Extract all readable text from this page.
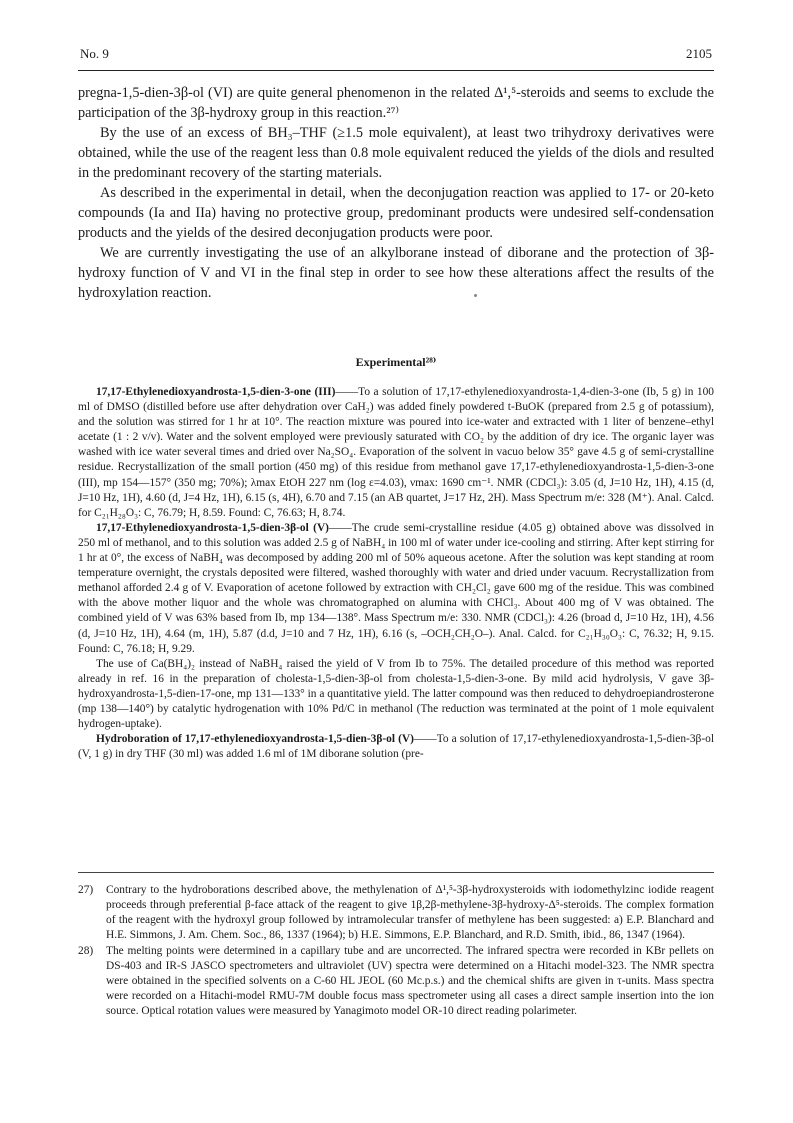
No. 9	2105

pregna-1,5-dien-3β-ol (VI) are quite general phenomenon in the related Δ¹,⁵-steroids and seems to exclude the participation of the 3β-hydroxy group in this reaction.²⁷⁾

By the use of an excess of BH₃–THF (≥1.5 mole equivalent), at least two trihydroxy derivatives were obtained, while the use of the reagent less than 0.8 mole equivalent reduced the yields of the diols and resulted in the predominant recovery of the starting materials.

As described in the experimental in detail, when the deconjugation reaction was applied to 17- or 20-keto compounds (Ia and IIa) having no protective group, predominant products were undesired self-condensation products and the yields of the desired deconjugation products were poor.

We are currently investigating the use of an alkylborane instead of diborane and the protection of 3β-hydroxy function of V and VI in the final step in order to see how these alterations affect the results of the hydroxylation reaction.

Experimental²⁸⁾

17,17-Ethylenedioxyandrosta-1,5-dien-3-one (III)——To a solution of 17,17-ethylenedioxyandrosta-1,4-dien-3-one (Ib, 5 g) in 100 ml of DMSO (distilled before use after dehydration over CaH₂) was added finely powdered t-BuOK (prepared from 2.5 g of potassium), and the solution was stirred for 1 hr at 10°. The reaction mixture was poured into ice-water and extracted with 1 liter of benzene–ethyl acetate (1 : 2 v/v). Water and the solvent employed were previously saturated with CO₂ by the addition of dry ice. The organic layer was washed with ice water several times and dried over Na₂SO₄. Evaporation of the solvent in vacuo below 35° gave 4.5 g of semi-crystalline residue. Recrystallization of the small portion (450 mg) of this residue from methanol gave 17,17-ethylenedioxyandrosta-1,5-dien-3-one (III), mp 154—157° (350 mg; 70%); λmax EtOH 227 nm (log ε=4.03), νmax: 1690 cm⁻¹. NMR (CDCl₃): 3.05 (d, J=10 Hz, 1H), 4.15 (d, J=10 Hz, 1H), 4.60 (d, J=4 Hz, 1H), 6.15 (s, 4H), 6.70 and 7.15 (an AB quartet, J=17 Hz, 2H). Mass Spectrum m/e: 328 (M⁺). Anal. Calcd. for C₂₁H₂₈O₃: C, 76.79; H, 8.59. Found: C, 76.63; H, 8.74.

17,17-Ethylenedioxyandrosta-1,5-dien-3β-ol (V)——The crude semi-crystalline residue (4.05 g) obtained above was dissolved in 250 ml of methanol, and to this solution was added 2.5 g of NaBH₄ in 100 ml of water under ice-cooling and stirring. After kept stirring for 1 hr at 0°, the excess of NaBH₄ was decomposed by adding 200 ml of 50% aqueous acetone. After the solution was kept standing at room temperature overnight, the crystals deposited were filtered, washed thoroughly with water and dried under vacuum. Recrystallization from methanol afforded 2.4 g of V. Evaporation of acetone followed by extraction with CH₂Cl₂ gave 600 mg of the residue. This was combined with the above mother liquor and the whole was chromatographed on alumina with CHCl₃. About 400 mg of V was obtained. The combined yield of V was 63% based from Ib, mp 134—138°. Mass Spectrum m/e: 330. NMR (CDCl₃): 4.26 (broad d, J=10 Hz, 1H), 4.56 (d, J=10 Hz, 1H), 4.64 (m, 1H), 5.87 (d.d, J=10 and 7 Hz, 1H), 6.16 (s, –OCH₂CH₂O–). Anal. Calcd. for C₂₁H₃₀O₃: C, 76.32; H, 9.15. Found: C, 76.18; H, 9.29.

The use of Ca(BH₄)₂ instead of NaBH₄ raised the yield of V from Ib to 75%. The detailed procedure of this method was reported already in ref. 16 in the preparation of cholesta-1,5-dien-3β-ol from cholesta-1,5-dien-3-one. By mild acid hydrolysis, V gave 3β-hydroxyandrosta-1,5-dien-17-one, mp 131—133° in a quantitative yield. The latter compound was then reduced to dehydroepiandrosterone (mp 138—140°) by catalytic hydrogenation with 10% Pd/C in methanol (The reduction was terminated at the point of 1 mole equivalent hydrogen-uptake).

Hydroboration of 17,17-ethylenedioxyandrosta-1,5-dien-3β-ol (V)——To a solution of 17,17-ethylenedioxyandrosta-1,5-dien-3β-ol (V, 1 g) in dry THF (30 ml) was added 1.6 ml of 1M diborane solution (pre-

27) Contrary to the hydroborations described above, the methylenation of Δ¹,⁵-3β-hydroxysteroids with iodomethylzinc iodide reagent proceeds through preferential β-face attack of the reagent to give 1β,2β-methylene-3β-hydroxy-Δ⁵-steroids. The complex formation of the reagent with the hydroxyl group followed by intramolecular transfer of methylene has been suggested: a) E.P. Blanchard and H.E. Simmons, J. Am. Chem. Soc., 86, 1337 (1964); b) H.E. Simmons, E.P. Blanchard, and R.D. Smith, ibid., 86, 1347 (1964).
28) The melting points were determined in a capillary tube and are uncorrected. The infrared spectra were recorded in KBr pellets on DS-403 and IR-S JASCO spectrometers and ultraviolet (UV) spectra were determined on a Hitachi model-323. The NMR spectra were obtained in the specified solvents on a C-60 HL JEOL (60 Mc.p.s.) and the chemical shifts are given in τ-units. Mass spectra were recorded on a Hitachi-model RMU-7M double focus mass spectrometer using all cases a direct sample insertion into the ion source. Optical rotation values were measured by Yanagimoto model OR-10 direct reading polarimeter.
